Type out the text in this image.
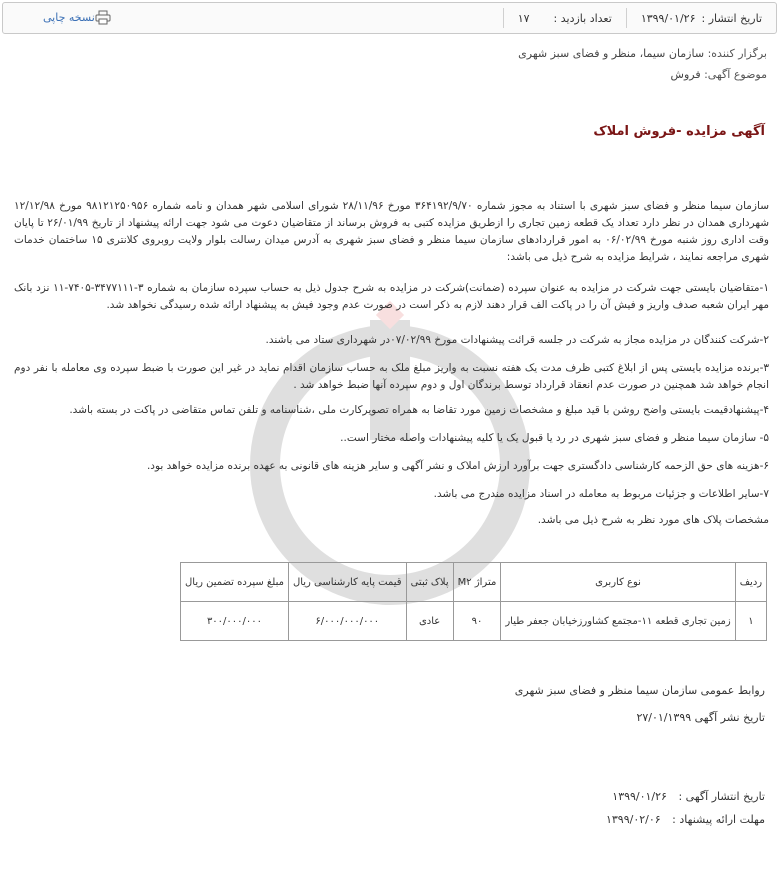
تاریخ انتشار :
۱۳۹۹/۰۱/۲۶
تعداد بازدید :
۱۷
نسخه چاپی
برگزار کننده: سازمان سیما، منظر و فضای سبز شهری
موضوع آگهی: فروش
آگهی مزایده -فروش املاک

سازمان سیما منظر و فضای سبز شهری با استناد به مجوز شماره ۳۶۴۱۹۲/۹/۷۰ مورخ ۲۸/۱۱/۹۶ شورای اسلامی شهر همدان و نامه شماره ۹۸۱۲۱۲۵۰۹۵۶ مورخ ۱۲/۱۲/۹۸ شهرداری همدان در نظر دارد تعداد یک قطعه زمین تجاری را ازطریق مزایده کتبی به فروش برساند از متقاضیان دعوت می شود جهت ارائه پیشنهاد از تاریخ ۲۶/۰۱/۹۹ تا پایان وقت اداری روز شنبه مورخ ۰۶/۰۲/۹۹ به امور قراردادهای سازمان سیما منظر و فضای سبز شهری به آدرس میدان رسالت بلوار ولایت روبروی کلانتری ۱۵ ساختمان خدمات شهری مراجعه نمایند ، شرایط مزایده به شرح ذیل می باشد:

۱-متقاضیان بایستی جهت شرکت در مزایده به عنوان سپرده (ضمانت)شرکت در مزایده به شرح جدول ذیل به حساب سپرده سازمان به شماره ۳-۳۴۷۷۱۱۱-۷۴۰۵-۱۱ نزد بانک مهر ایران شعبه صدف واریز و فیش آن را در پاکت الف قرار دهند لازم به ذکر است در صورت عدم وجود فیش به پیشنهاد ارائه شده رسیدگی نخواهد شد.

۲-شرکت کنندگان در مزایده مجاز به شرکت در جلسه قرائت پیشنهادات مورخ ۰۷/۰۲/۹۹در شهرداری ستاد می باشند.

۳-برنده مزایده بایستی پس از ابلاغ کتبی ظرف مدت یک هفته نسبت به واریز مبلغ ملک به حساب سازمان اقدام نماید در غیر این صورت با ضبط سپرده وی معامله با نفر دوم انجام خواهد شد همچنین در صورت عدم انعقاد قرارداد توسط برندگان اول و دوم سپرده آنها ضبط خواهد شد .

۴-پیشنهادقیمت بایستی واضح روشن با قید مبلغ و مشخصات زمین مورد تقاضا به همراه تصویرکارت ملی ،شناسنامه و تلفن تماس متقاضی در پاکت در بسته باشد.

۵- سازمان سیما منظر و فضای سبز شهری در رد یا قبول یک یا کلیه پیشنهادات واصله مختار است..

۶-هزینه های حق الزحمه کارشناسی دادگستری جهت برآورد ارزش املاک و نشر آگهی و سایر هزینه های قانونی به عهده برنده مزایده خواهد بود.

۷-سایر اطلاعات و جزئیات مربوط به معامله در اسناد مزایده مندرج می باشد.

مشخصات پلاک های مورد نظر به شرح ذیل می باشد.

ردیف	نوع کاربری	متراژ M۲	پلاک ثبتی	قیمت پایه کارشناسی ریال	مبلغ سپرده تضمین ریال
۱	زمین تجاری قطعه ۱۱-مجتمع کشاورزخیابان جعفر طیار	۹۰	عادی	۶/۰۰۰/۰۰۰/۰۰۰	۳۰۰/۰۰۰/۰۰۰
روابط عمومی سازمان سیما منظر و فضای سبز شهری
تاریخ نشر آگهی ۲۷/۰۱/۱۳۹۹
تاریخ انتشار آگهی : ۱۳۹۹/۰۱/۲۶
مهلت ارائه پیشنهاد : ۱۳۹۹/۰۲/۰۶
